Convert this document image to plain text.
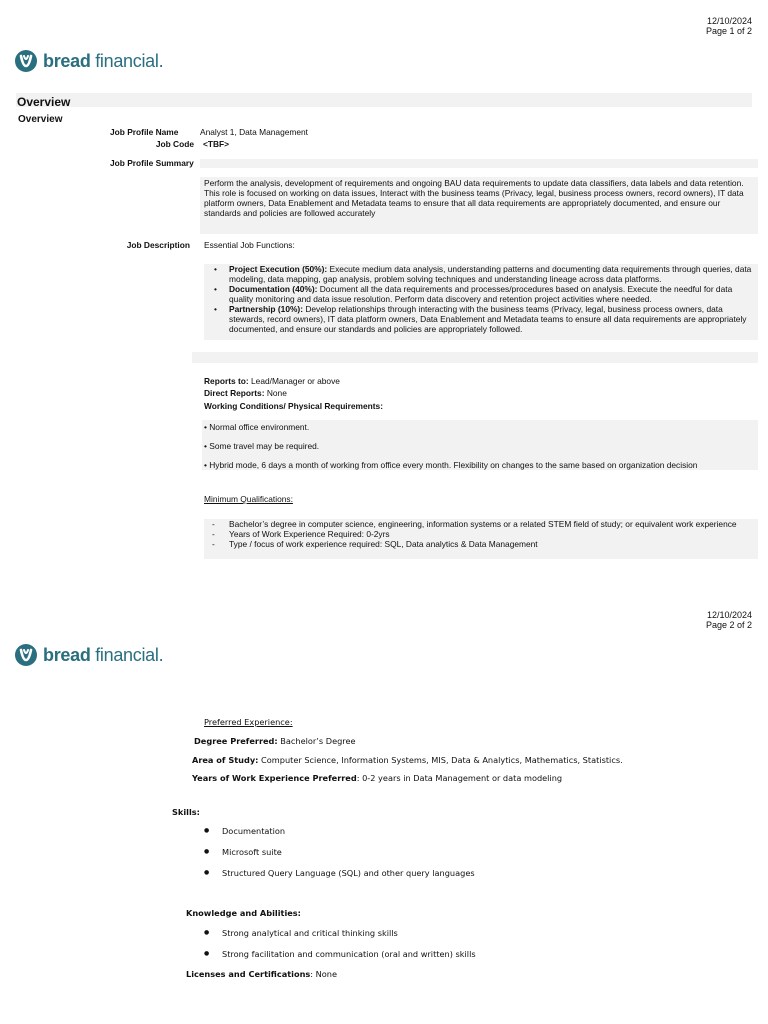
12/10/2024
Page 1 of 2
bread financial.
Overview
Overview
Job Profile Name	Analyst 1, Data Management
Job Code <TBF>
Job Profile Summary
Perform the analysis, development of requirements and ongoing BAU data requirements to update data classifiers, data labels and data retention. This role is focused on working on data issues, Interact with the business teams (Privacy, legal, business process owners, record owners), IT data platform owners, Data Enablement and Metadata teams to ensure that all data requirements are appropriately documented, and ensure our standards and policies are followed accurately
Job Description Essential Job Functions:
• Project Execution (50%): Execute medium data analysis, understanding patterns and documenting data requirements through queries, data modeling, data mapping, gap analysis, problem solving techniques and understanding lineage across data platforms.
• Documentation (40%): Document all the data requirements and processes/procedures based on analysis. Execute the needful for data quality monitoring and data issue resolution. Perform data discovery and retention project activities where needed.
• Partnership (10%): Develop relationships through interacting with the business teams (Privacy, legal, business process owners, data stewards, record owners), IT data platform owners, Data Enablement and Metadata teams to ensure all data requirements are appropriately documented, and ensure our standards and policies are appropriately followed.
Reports to: Lead/Manager or above
Direct Reports: None
Working Conditions/ Physical Requirements:
• Normal office environment.
• Some travel may be required.
• Hybrid mode, 6 days a month of working from office every month. Flexibility on changes to the same based on organization decision
Minimum Qualifications:
- Bachelor’s degree in computer science, engineering, information systems or a related STEM field of study; or equivalent work experience
- Years of Work Experience Required: 0-2yrs
- Type / focus of work experience required: SQL, Data analytics & Data Management
12/10/2024
Page 2 of 2
bread financial.
Preferred Experience:
Degree Preferred: Bachelor’s Degree
Area of Study: Computer Science, Information Systems, MIS, Data & Analytics, Mathematics, Statistics.
Years of Work Experience Preferred: 0-2 years in Data Management or data modeling
Skills:
● Documentation
● Microsoft suite
● Structured Query Language (SQL) and other query languages
Knowledge and Abilities:
● Strong analytical and critical thinking skills
● Strong facilitation and communication (oral and written) skills
Licenses and Certifications: None
